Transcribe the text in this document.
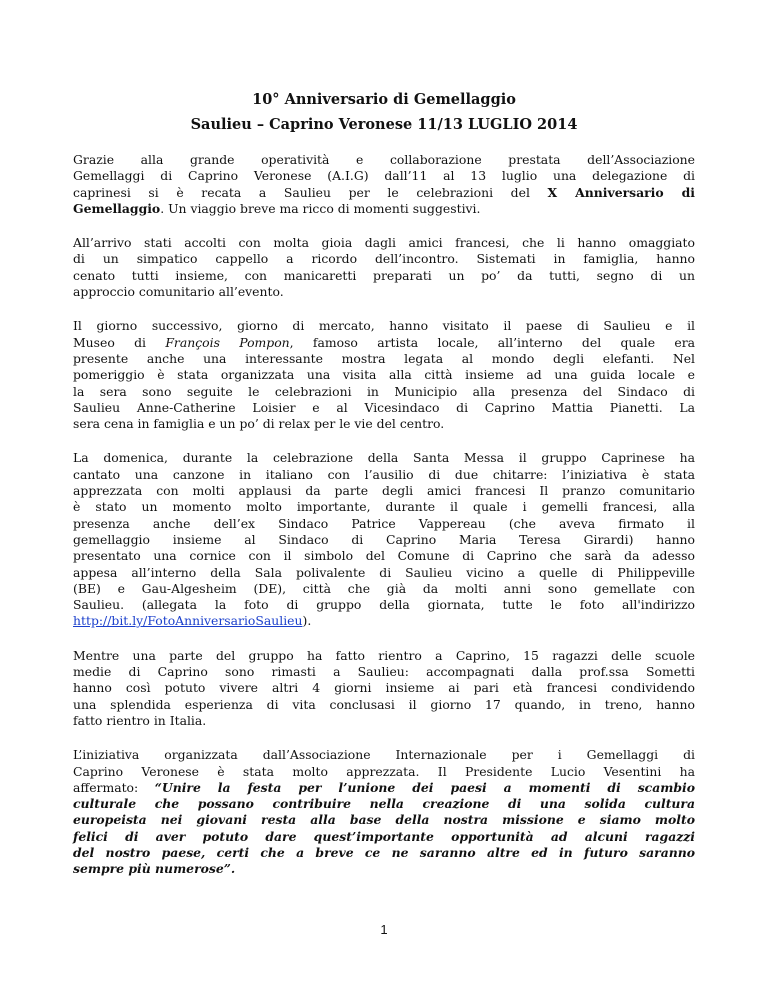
10° Anniversario di Gemellaggio
Saulieu – Caprino Veronese 11/13 LUGLIO 2014
Grazie alla grande operatività e collaborazione prestata dell’Associazione
Gemellaggi di Caprino Veronese (A.I.G) dall’11 al 13 luglio una delegazione di
caprinesi si è recata a Saulieu per le celebrazioni del X Anniversario di
Gemellaggio. Un viaggio breve ma ricco di momenti suggestivi.
All’arrivo stati accolti con molta gioia dagli amici francesi, che li hanno omaggiato
di un simpatico cappello a ricordo dell’incontro. Sistemati in famiglia, hanno
cenato tutti insieme, con manicaretti preparati un po’ da tutti, segno di un
approccio comunitario all’evento.
Il giorno successivo, giorno di mercato, hanno visitato il paese di Saulieu e il
Museo di François Pompon, famoso artista locale, all’interno del quale era
presente anche una interessante mostra legata al mondo degli elefanti. Nel
pomeriggio è stata organizzata una visita alla città insieme ad una guida locale e
la sera sono seguite le celebrazioni in Municipio alla presenza del Sindaco di
Saulieu Anne-Catherine Loisier e al Vicesindaco di Caprino Mattia Pianetti. La
sera cena in famiglia e un po’ di relax per le vie del centro.
La domenica, durante la celebrazione della Santa Messa il gruppo Caprinese ha
cantato una canzone in italiano con l’ausilio di due chitarre: l’iniziativa è stata
apprezzata con molti applausi da parte degli amici francesi Il pranzo comunitario
è stato un momento molto importante, durante il quale i gemelli francesi, alla
presenza anche dell’ex Sindaco Patrice Vappereau (che aveva firmato il
gemellaggio insieme al Sindaco di Caprino Maria Teresa Girardi) hanno
presentato una cornice con il simbolo del Comune di Caprino che sarà da adesso
appesa all’interno della Sala polivalente di Saulieu vicino a quelle di Philippeville
(BE) e Gau-Algesheim (DE), città che già da molti anni sono gemellate con
Saulieu. (allegata la foto di gruppo della giornata, tutte le foto all'indirizzo
http://bit.ly/FotoAnniversarioSaulieu).
Mentre una parte del gruppo ha fatto rientro a Caprino, 15 ragazzi delle scuole
medie di Caprino sono rimasti a Saulieu: accompagnati dalla prof.ssa Sometti
hanno così potuto vivere altri 4 giorni insieme ai pari età francesi condividendo
una splendida esperienza di vita conclusasi il giorno 17 quando, in treno, hanno
fatto rientro in Italia.
L’iniziativa organizzata dall’Associazione Internazionale per i Gemellaggi di
Caprino Veronese è stata molto apprezzata. Il Presidente Lucio Vesentini ha
affermato: “Unire la festa per l’unione dei paesi a momenti di scambio
culturale che possano contribuire nella creazione di una solida cultura
europeista nei giovani resta alla base della nostra missione e siamo molto
felici di aver potuto dare quest’importante opportunità ad alcuni ragazzi
del nostro paese, certi che a breve ce ne saranno altre ed in futuro saranno
sempre più numerose”.
1
